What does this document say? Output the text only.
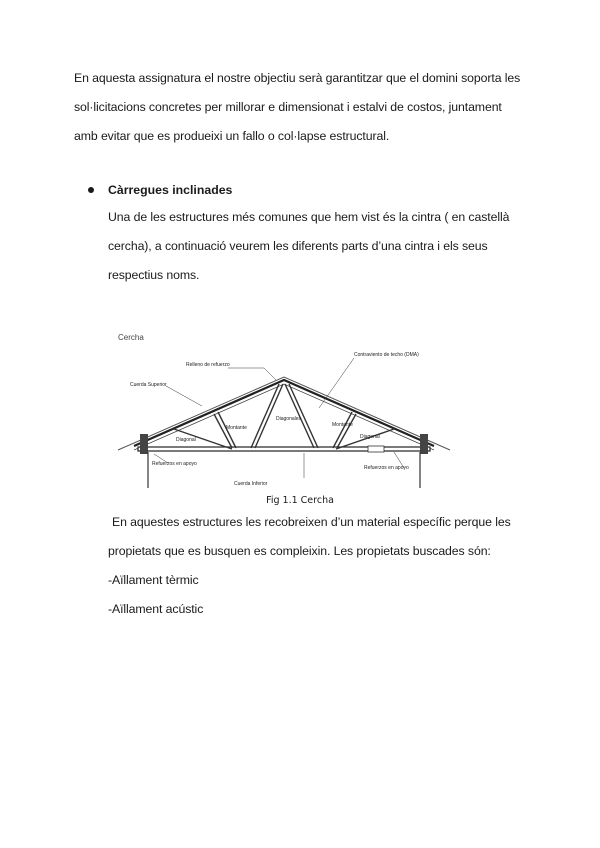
En aquesta assignatura el nostre objectiu serà garantitzar que el domini soporta les

sol·licitacions concretes per millorar e dimensionat i estalvi de costos, juntament

amb evitar que es produeixi un fallo o col·lapse estructural.

Càrregues inclinades

Una de les estructures més comunes que hem vist és la cintra ( en castellà

cercha), a continuació veurem les diferents parts d’una cintra i els seus

respectius noms.

Cercha
Relleno de refuerzo
Contraviento de techo (DMA)
Cuerda Superior
Montante
Diagonales
Montante
Diagonal	Diagonal
Refuerzos en apoyo
Refuerzos en apoyo
Cuerda Inferior
Fig 1.1 Cercha

En aquestes estructures les recobreixen d’un material específic perque les

propietats que es busquen es compleixin. Les propietats buscades són:

-Aïllament tèrmic

-Aïllament acústic
